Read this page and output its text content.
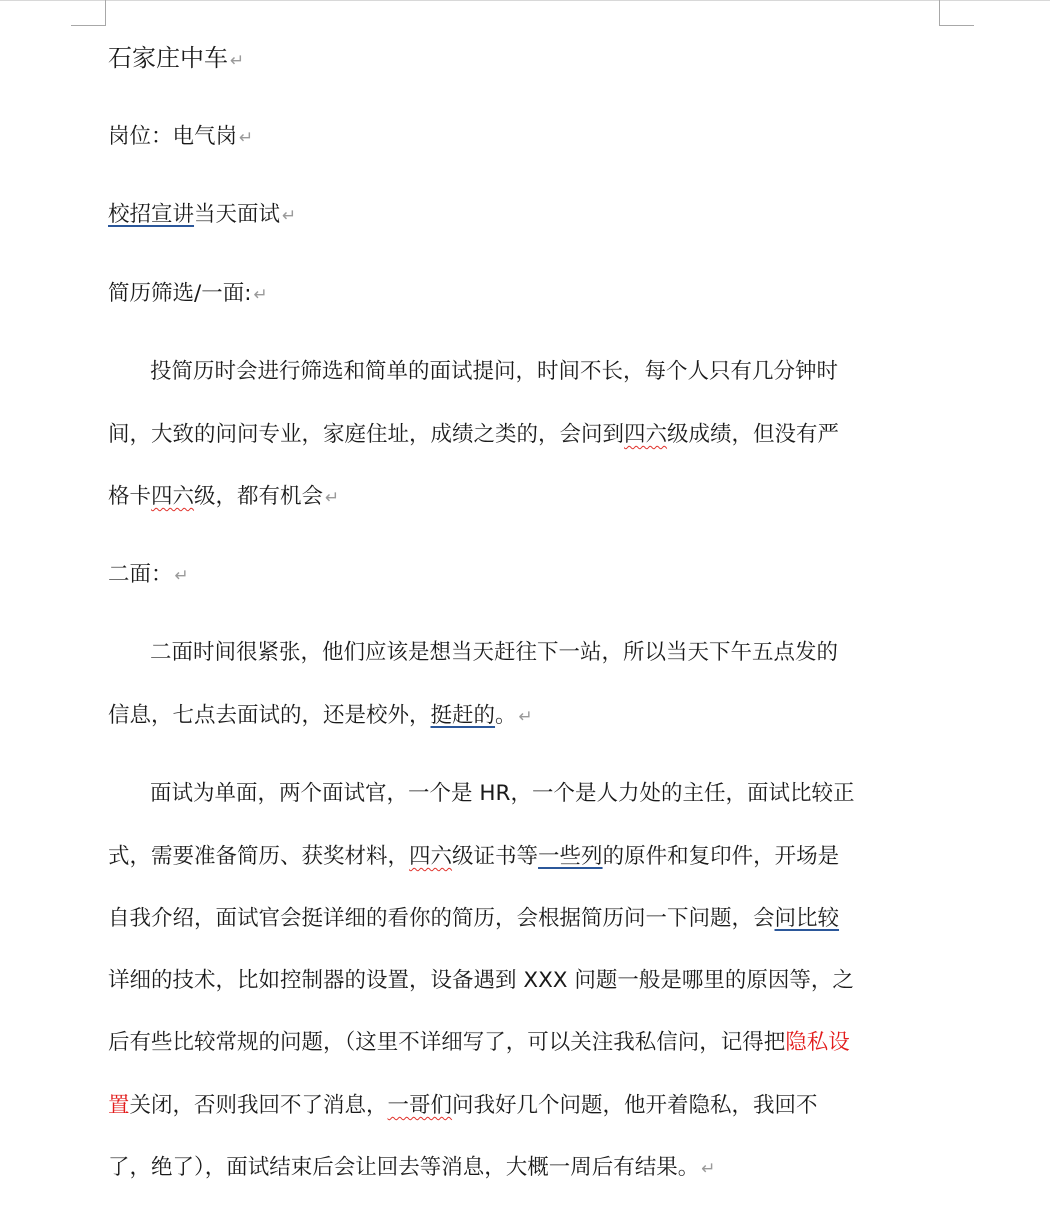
石家庄中车 ↵
岗位：电气岗 ↵
校招宣讲当天面试 ↵
简历筛选/一面: ↵
投简历时会进行筛选和简单的面试提问，时间不长，每个人只有几分钟时
间，大致的问问专业，家庭住址，成绩之类的，会问到四六级成绩，但没有严
格卡四六级，都有机会 ↵
二面： ↵
二面时间很紧张，他们应该是想当天赶往下一站，所以当天下午五点发的
信息，七点去面试的，还是校外，挺赶的。 ↵
面试为单面，两个面试官，一个是 HR，一个是人力处的主任，面试比较正
式，需要准备简历、获奖材料，四六级证书等一些列的原件和复印件，开场是
自我介绍，面试官会挺详细的看你的简历，会根据简历问一下问题，会问比较
详细的技术，比如控制器的设置，设备遇到 XXX 问题一般是哪里的原因等，之
后有些比较常规的问题，（这里不详细写了，可以关注我私信问，记得把隐私设
置关闭，否则我回不了消息，一哥们问我好几个问题，他开着隐私，我回不
了，绝了），面试结束后会让回去等消息，大概一周后有结果。 ↵
